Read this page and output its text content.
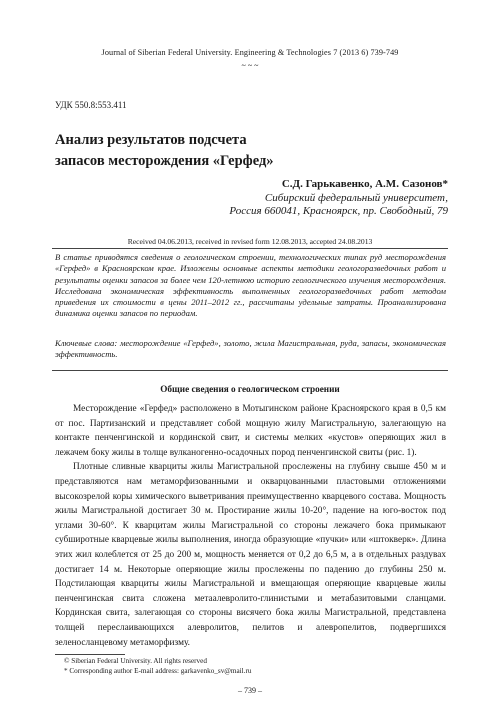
Journal of Siberian Federal University. Engineering & Technologies 7 (2013 6) 739-749
~ ~ ~
УДК 550.8:553.411
Анализ результатов подсчета
запасов месторождения «Герфед»
С.Д. Гарькавенко, А.М. Сазонов*
Сибирский федеральный университет,
Россия 660041, Красноярск, пр. Свободный, 79
Received 04.06.2013, received in revised form 12.08.2013, accepted 24.08.2013
В статье приводятся сведения о геологическом строении, технологических типах руд месторождения «Герфед» в Красноярском крае. Изложены основные аспекты методики геологоразведочных работ и результаты оценки запасов за более чем 120-летнюю историю геологического изучения месторождения. Исследована экономическая эффективность выполненных геологоразведочных работ методом приведения их стоимости в цены 2011–2012 гг., рассчитаны удельные затраты. Проанализирована динамика оценки запасов по периодам.
Ключевые слова: месторождение «Герфед», золото, жила Магистральная, руда, запасы, экономическая эффективность.
Общие сведения о геологическом строении

Месторождение «Герфед» расположено в Мотыгинском районе Красноярского края в 0,5 км от пос. Партизанский и представляет собой мощную жилу Магистральную, залегающую на контакте пенченгинской и кординской свит, и системы мелких «кустов» оперяющих жил в лежачем боку жилы в толще вулканогенно-осадочных пород пенченгинской свиты (рис. 1).

Плотные сливные кварциты жилы Магистральной прослежены на глубину свыше 450 м и представляются нам метаморфизованными и окварцованными пластовыми отложениями высокозрелой коры химического выветривания преимущественно кварцевого состава. Мощность жилы Магистральной достигает 30 м. Простирание жилы 10-20°, падение на юго-восток под углами 30-60°. К кварцитам жилы Магистральной со стороны лежачего бока примыкают субширотные кварцевые жилы выполнения, иногда образующие «пучки» или «штокверк». Длина этих жил колеблется от 25 до 200 м, мощность меняется от 0,2 до 6,5 м, а в отдельных раздувах достигает 14 м. Некоторые оперяющие жилы прослежены по падению до глубины 250 м. Подстилающая кварциты жилы Магистральной и вмещающая оперяющие кварцевые жилы пенченгинская свита сложена метаалевролито-глинистыми и метабазитовыми сланцами. Кординская свита, залегающая со стороны висячего бока жилы Магистральной, представлена толщей переслаивающихся алевролитов, пелитов и алевропелитов, подвергшихся зеленосланцевому метаморфизму.

© Siberian Federal University. All rights reserved
* Corresponding author E-mail address: garkavenko_sv@mail.ru
– 739 –
